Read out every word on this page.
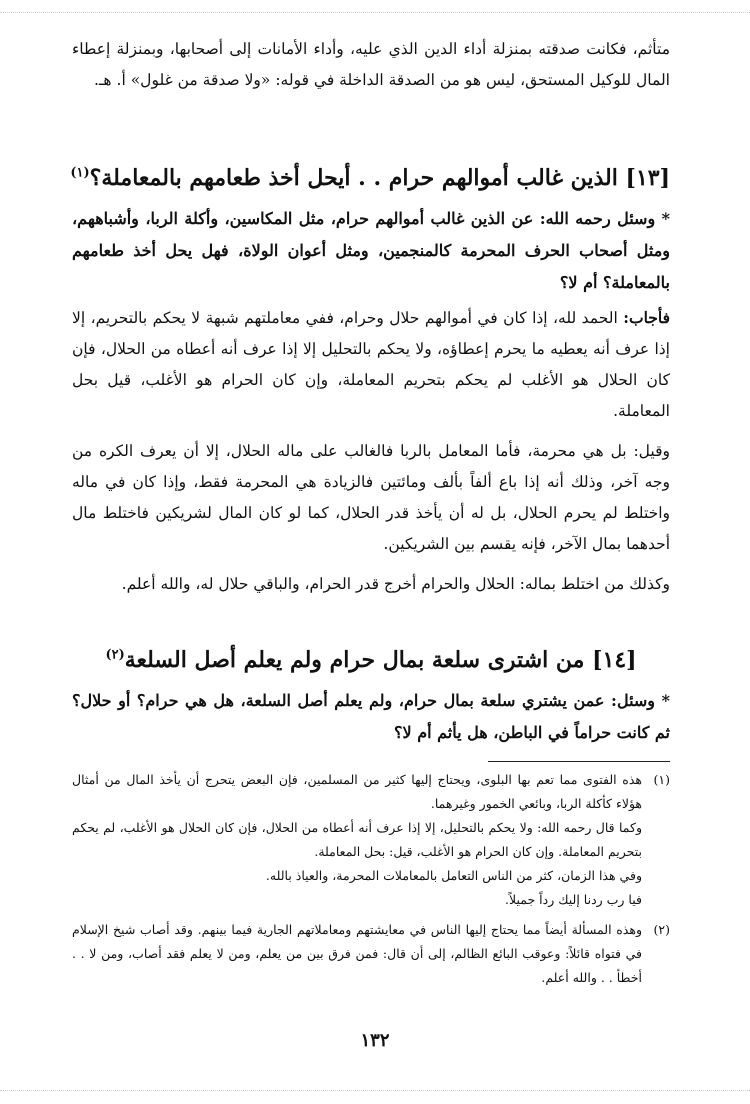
متأثم، فكانت صدقته بمنزلة أداء الدين الذي عليه، وأداء الأمانات إلى أصحابها، وبمنزلة إعطاء المال للوكيل المستحق، ليس هو من الصدقة الداخلة في قوله: «ولا صدقة من غلول» أ. هـ.

[١٣] الذين غالب أموالهم حرام . . أيحل أخذ طعامهم بالمعاملة؟$^{(١)}$

* وسئل رحمه الله: عن الذين غالب أموالهم حرام، مثل المكاسين، وأكلة الربا، وأشباههم، ومثل أصحاب الحرف المحرمة كالمنجمين، ومثل أعوان الولاة، فهل يحل أخذ طعامهم بالمعاملة؟ أم لا؟

فأجاب: الحمد لله، إذا كان في أموالهم حلال وحرام، ففي معاملتهم شبهة لا يحكم بالتحريم، إلا إذا عرف أنه يعطيه ما يحرم إعطاؤه، ولا يحكم بالتحليل إلا إذا عرف أنه أعطاه من الحلال، فإن كان الحلال هو الأغلب لم يحكم بتحريم المعاملة، وإن كان الحرام هو الأغلب، قيل بحل المعاملة.

وقيل: بل هي محرمة، فأما المعامل بالربا فالغالب على ماله الحلال، إلا أن يعرف الكره من وجه آخر، وذلك أنه إذا باع ألفاً بألف ومائتين فالزيادة هي المحرمة فقط، وإذا كان في ماله واختلط لم يحرم الحلال، بل له أن يأخذ قدر الحلال، كما لو كان المال لشريكين فاختلط مال أحدهما بمال الآخر، فإنه يقسم بين الشريكين.

وكذلك من اختلط بماله: الحلال والحرام أخرج قدر الحرام، والباقي حلال له، والله أعلم.

[١٤] من اشترى سلعة بمال حرام ولم يعلم أصل السلعة$^{(٢)}$

* وسئل: عمن يشتري سلعة بمال حرام، ولم يعلم أصل السلعة، هل هي حرام؟ أو حلال؟ ثم كانت حراماً في الباطن، هل يأثم أم لا؟

(١)
هذه الفتوى مما تعم بها البلوى، ويحتاج إليها كثير من المسلمين، فإن البعض يتحرج أن يأخذ المال من أمثال هؤلاء كأكلة الربا، وبائعي الخمور وغيرهما.
وكما قال رحمه الله: ولا يحكم بالتحليل، إلا إذا عرف أنه أعطاه من الحلال، فإن كان الحلال هو الأغلب، لم يحكم بتحريم المعاملة. وإن كان الحرام هو الأغلب، قيل: بحل المعاملة.
وفي هذا الزمان، كثر من الناس التعامل بالمعاملات المحرمة، والعياذ بالله.
فيا رب ردنا إليك رداً جميلاً.
(٢)
وهذه المسألة أيضاً مما يحتاج إليها الناس في معايشتهم ومعاملاتهم الجارية فيما بينهم. وقد أصاب شيخ الإسلام في فتواه قائلاً: وعوقب البائع الظالم، إلى أن قال: فمن فرق بين من يعلم، ومن لا يعلم فقد أصاب، ومن لا . . أخطأ . . والله أعلم.
١٣٢
